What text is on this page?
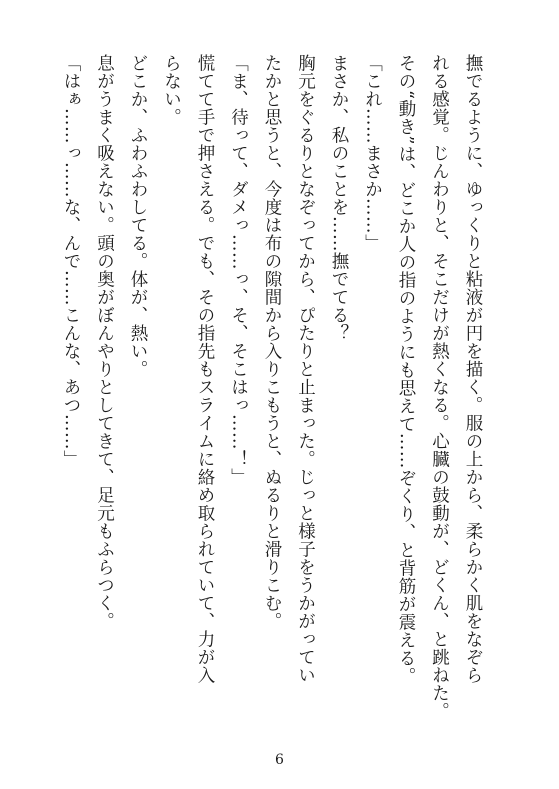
撫でるように、ゆっくりと粘液が円を描く。服の上から、柔らかく肌をなぞら

れる感覚。じんわりと、そこだけが熱くなる。心臓の鼓動が、どくん、と跳ねた。

その“動き”は、どこか人の指のようにも思えて……ぞくり、と背筋が震える。

「これ……まさか……」

まさか、私のことを……撫でてる？

胸元をぐるりとなぞってから、ぴたりと止まった。じっと様子をうかがってい

たかと思うと、今度は布の隙間から入りこもうと、ぬるりと滑りこむ。

「ま、待って、ダメっ……っ、そ、そこはっ……！」

慌てて手で押さえる。でも、その指先もスライムに絡め取られていて、力が入

らない。

どこか、ふわふわしてる。体が、熱い。

息がうまく吸えない。頭の奥がぼんやりとしてきて、足元もふらつく。

「はぁ……っ……な、んで……こんな、あつ……」

6
